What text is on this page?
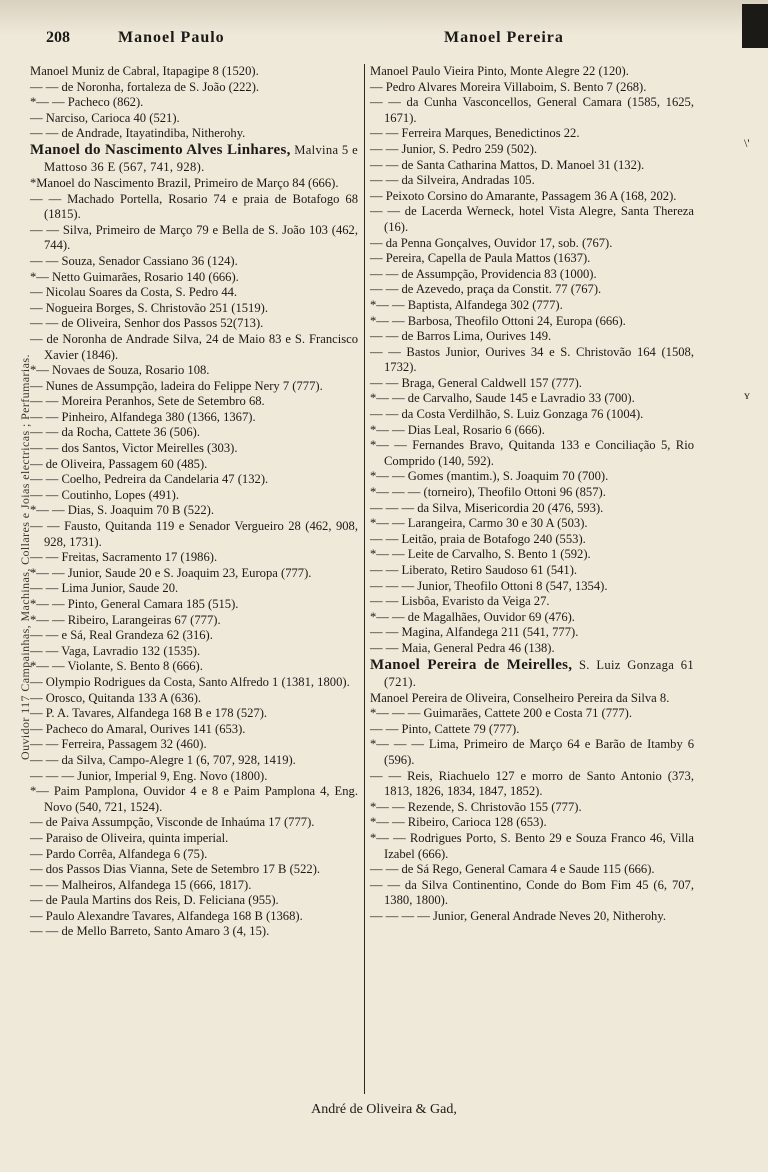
208	Manoel Paulo	Manoel Pereira
Ouvidor 117 Campainhas, Machinas, Collares e Joias electricas ; Perfumarias.

Manoel Muniz de Cabral, Itapagipe 8 (1520).

— — de Noronha, fortaleza de S. João (222).

*— — Pacheco (862).

— Narciso, Carioca 40 (521).

— — de Andrade, Itayatindiba, Nitherohy.

Manoel do Nascimento Alves Linhares, Malvina 5 e Mattoso 36 E (567, 741, 928).

*Manoel do Nascimento Brazil, Primeiro de Março 84 (666).

— — Machado Portella, Rosario 74 e praia de Botafogo 68 (1815).

— — Silva, Primeiro de Março 79 e Bella de S. João 103 (462, 744).

— — Souza, Senador Cassiano 36 (124).

*— Netto Guimarães, Rosario 140 (666).

— Nicolau Soares da Costa, S. Pedro 44.

— Nogueira Borges, S. Christovão 251 (1519).

— — de Oliveira, Senhor dos Passos 52(713).

— de Noronha de Andrade Silva, 24 de Maio 83 e S. Francisco Xavier (1846).

*— Novaes de Souza, Rosario 108.

— Nunes de Assumpção, ladeira do Felippe Nery 7 (777).

— — Moreira Peranhos, Sete de Setembro 68.

— — Pinheiro, Alfandega 380 (1366, 1367).

— — da Rocha, Cattete 36 (506).

— — dos Santos, Victor Meirelles (303).

— de Oliveira, Passagem 60 (485).

— — Coelho, Pedreira da Candelaria 47 (132).

— — Coutinho, Lopes (491).

*— — Dias, S. Joaquim 70 B (522).

— — Fausto, Quitanda 119 e Senador Vergueiro 28 (462, 908, 928, 1731).

— — Freitas, Sacramento 17 (1986).

*— — Junior, Saude 20 e S. Joaquim 23, Europa (777).

— — Lima Junior, Saude 20.

*— — Pinto, General Camara 185 (515).

*— — Ribeiro, Larangeiras 67 (777).

— — e Sá, Real Grandeza 62 (316).

— — Vaga, Lavradio 132 (1535).

*— — Violante, S. Bento 8 (666).

— Olympio Rodrigues da Costa, Santo Alfredo 1 (1381, 1800).

— Orosco, Quitanda 133 A (636).

— P. A. Tavares, Alfandega 168 B e 178 (527).

— Pacheco do Amaral, Ourives 141 (653).

— — Ferreira, Passagem 32 (460).

— — da Silva, Campo-Alegre 1 (6, 707, 928, 1419).

— — — Junior, Imperial 9, Eng. Novo (1800).

*— Paim Pamplona, Ouvidor 4 e 8 e Paim Pamplona 4, Eng. Novo (540, 721, 1524).

— de Paiva Assumpção, Visconde de Inhaúma 17 (777).

— Paraiso de Oliveira, quinta imperial.

— Pardo Corrêa, Alfandega 6 (75).

— dos Passos Dias Vianna, Sete de Setembro 17 B (522).

— — Malheiros, Alfandega 15 (666, 1817).

— de Paula Martins dos Reis, D. Feliciana (955).

— Paulo Alexandre Tavares, Alfandega 168 B (1368).

— — de Mello Barreto, Santo Amaro 3 (4, 15).

Manoel Paulo Vieira Pinto, Monte Alegre 22 (120).

— Pedro Alvares Moreira Villaboim, S. Bento 7 (268).

— — da Cunha Vasconcellos, General Camara (1585, 1625, 1671).

— — Ferreira Marques, Benedictinos 22.

— — Junior, S. Pedro 259 (502).

— — de Santa Catharina Mattos, D. Manoel 31 (132).

— — da Silveira, Andradas 105.

— Peixoto Corsino do Amarante, Passagem 36 A (168, 202).

— — de Lacerda Werneck, hotel Vista Alegre, Santa Thereza (16).

— da Penna Gonçalves, Ouvidor 17, sob. (767).

— Pereira, Capella de Paula Mattos (1637).

— — de Assumpção, Providencia 83 (1000).

— — de Azevedo, praça da Constit. 77 (767).

*— — Baptista, Alfandega 302 (777).

*— — Barbosa, Theofilo Ottoni 24, Europa (666).

— — de Barros Lima, Ourives 149.

— — Bastos Junior, Ourives 34 e S. Christovão 164 (1508, 1732).

— — Braga, General Caldwell 157 (777).

*— — de Carvalho, Saude 145 e Lavradio 33 (700).

— — da Costa Verdilhão, S. Luiz Gonzaga 76 (1004).

*— — Dias Leal, Rosario 6 (666).

*— — Fernandes Bravo, Quitanda 133 e Conciliação 5, Rio Comprido (140, 592).

*— — Gomes (mantim.), S. Joaquim 70 (700).

*— — — (torneiro), Theofilo Ottoni 96 (857).

— — — da Silva, Misericordia 20 (476, 593).

*— — Larangeira, Carmo 30 e 30 A (503).

— — Leitão, praia de Botafogo 240 (553).

*— — Leite de Carvalho, S. Bento 1 (592).

— — Liberato, Retiro Saudoso 61 (541).

— — — Junior, Theofilo Ottoni 8 (547, 1354).

— — Lisbôa, Evaristo da Veiga 27.

*— — de Magalhães, Ouvidor 69 (476).

— — Magina, Alfandega 211 (541, 777).

— — Maia, General Pedra 46 (138).

Manoel Pereira de Meirelles, S. Luiz Gonzaga 61 (721).

Manoel Pereira de Oliveira, Conselheiro Pereira da Silva 8.

*— — — Guimarães, Cattete 200 e Costa 71 (777).

— — Pinto, Cattete 79 (777).

*— — — Lima, Primeiro de Março 64 e Barão de Itamby 6 (596).

— — Reis, Riachuelo 127 e morro de Santo Antonio (373, 1813, 1826, 1834, 1847, 1852).

*— — Rezende, S. Christovão 155 (777).

*— — Ribeiro, Carioca 128 (653).

*— — Rodrigues Porto, S. Bento 29 e Souza Franco 46, Villa Izabel (666).

— — de Sá Rego, General Camara 4 e Saude 115 (666).

— — da Silva Continentino, Conde do Bom Fim 45 (6, 707, 1380, 1800).

— — — — Junior, General Andrade Neves 20, Nitherohy.

\'
ʏ
André de Oliveira & Gad,
